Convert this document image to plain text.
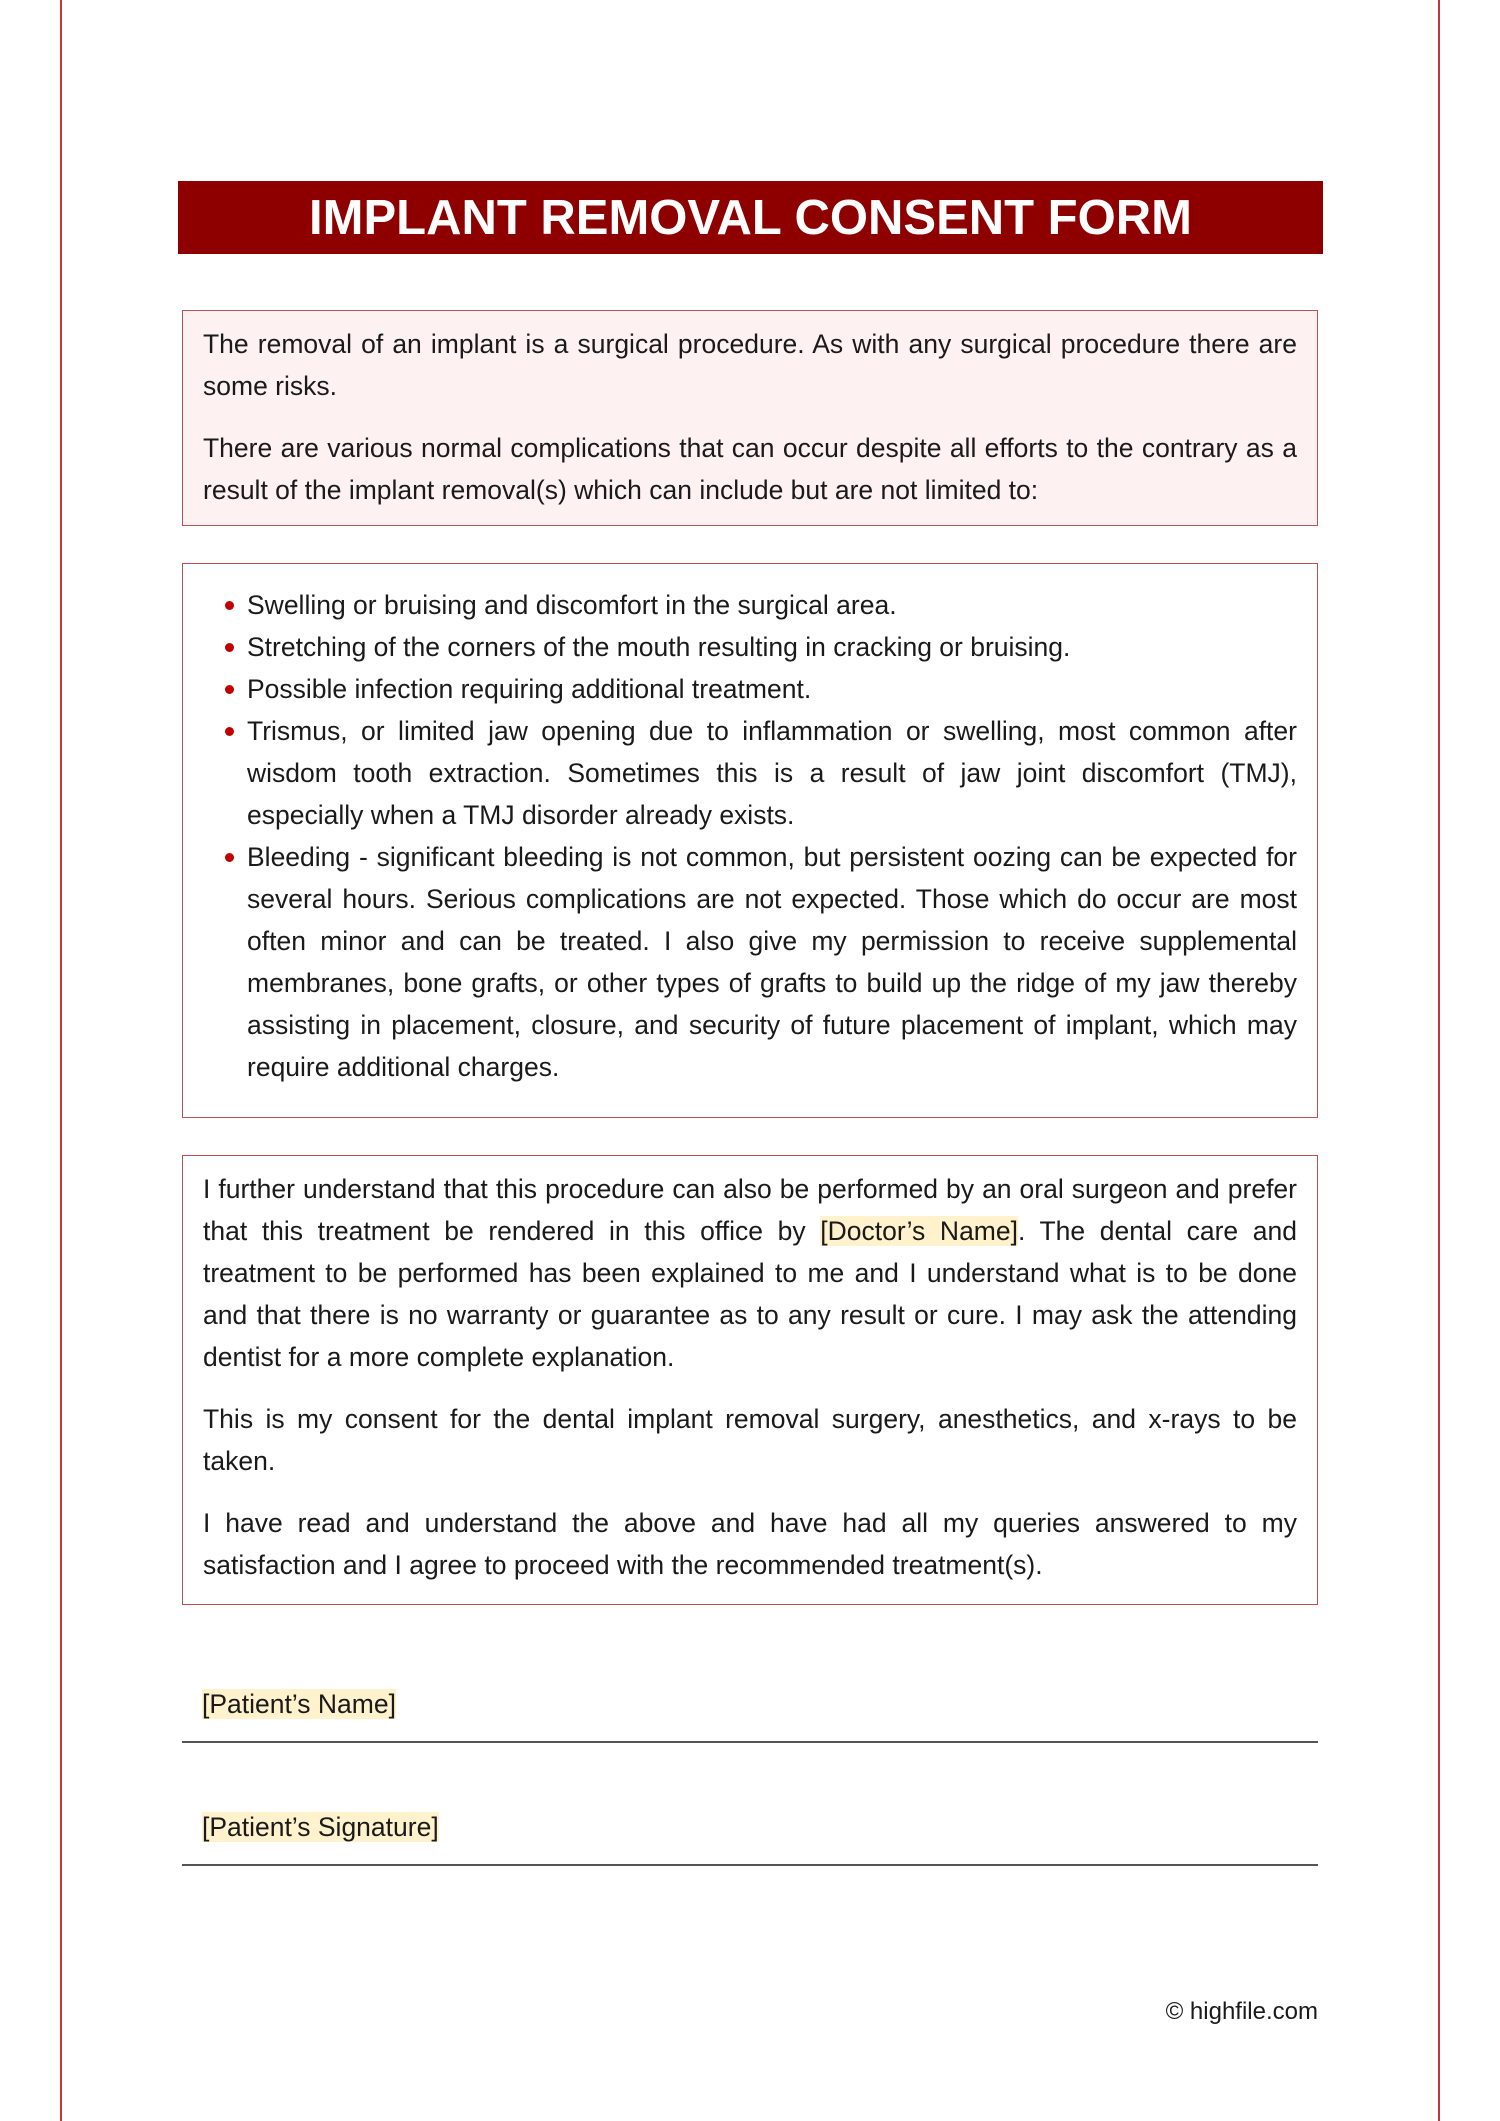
IMPLANT REMOVAL CONSENT FORM

The removal of an implant is a surgical procedure. As with any surgical procedure there are some risks.

There are various normal complications that can occur despite all efforts to the contrary as a result of the implant removal(s) which can include but are not limited to:

Swelling or bruising and discomfort in the surgical area.
Stretching of the corners of the mouth resulting in cracking or bruising.
Possible infection requiring additional treatment.
Trismus, or limited jaw opening due to inflammation or swelling, most common after wisdom tooth extraction. Sometimes this is a result of jaw joint discomfort (TMJ), especially when a TMJ disorder already exists.
Bleeding - significant bleeding is not common, but persistent oozing can be expected for several hours. Serious complications are not expected. Those which do occur are most often minor and can be treated. I also give my permission to receive supplemental membranes, bone grafts, or other types of grafts to build up the ridge of my jaw thereby assisting in placement, closure, and security of future placement of implant, which may require additional charges.

I further understand that this procedure can also be performed by an oral surgeon and prefer that this treatment be rendered in this office by [Doctor’s Name]. The dental care and treatment to be performed has been explained to me and I understand what is to be done and that there is no warranty or guarantee as to any result or cure. I may ask the attending dentist for a more complete explanation.

This is my consent for the dental implant removal surgery, anesthetics, and x-rays to be taken.

I have read and understand the above and have had all my queries answered to my satisfaction and I agree to proceed with the recommended treatment(s).

[Patient’s Name]
[Patient’s Signature]
© highfile.com
